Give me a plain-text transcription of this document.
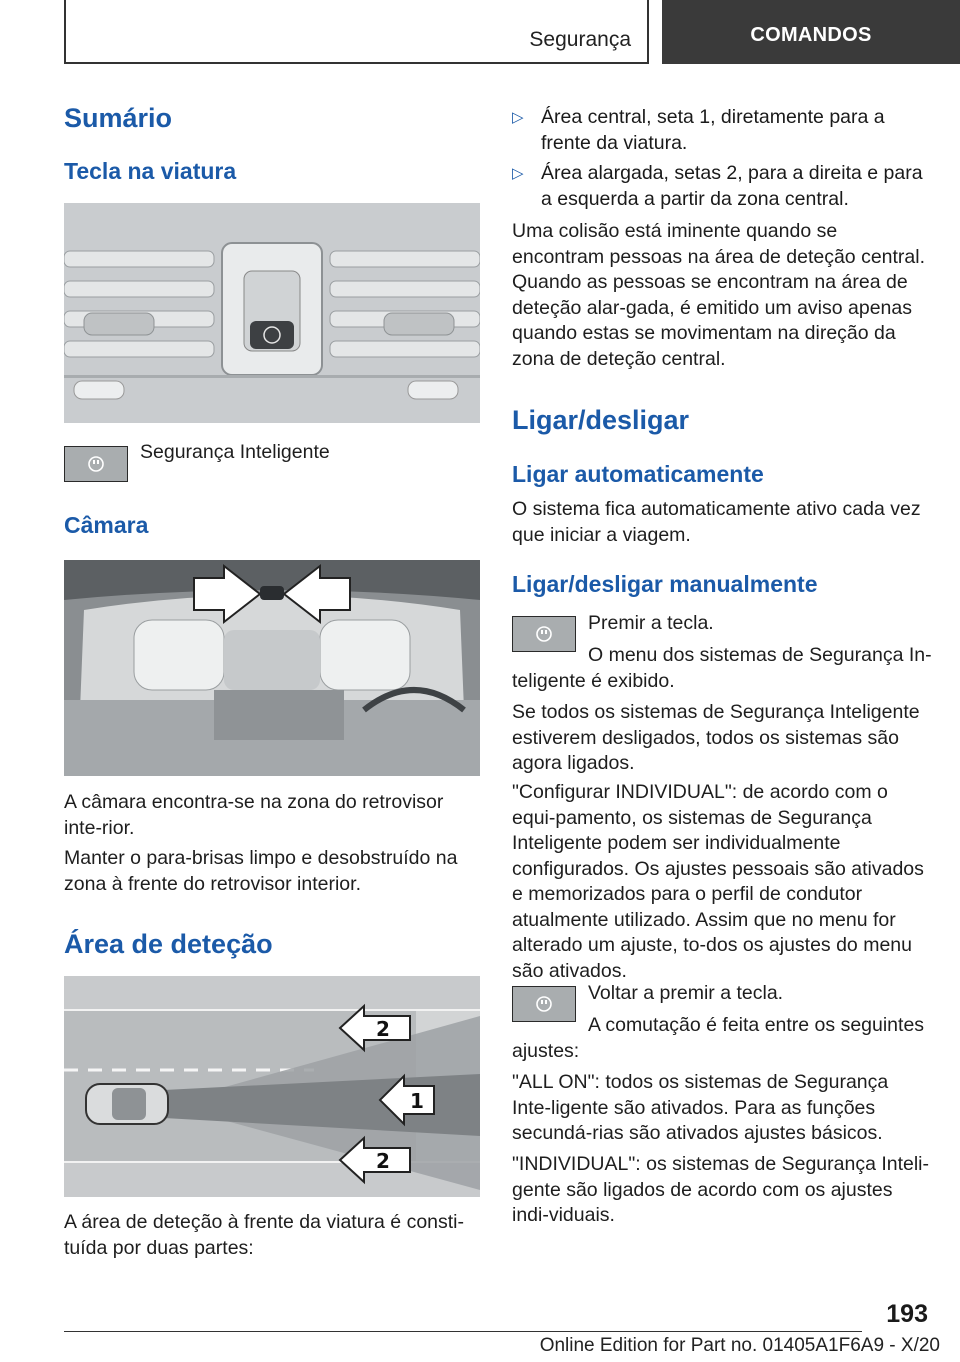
Segurança	COMANDOS
Sumário
Tecla na viatura

Segurança Inteligente

Câmara

A câmara encontra-se na zona do retrovisor inte-rior.

Manter o para-brisas limpo e desobstruído na zona à frente do retrovisor interior.

Área de deteção
2
1
2

A área de deteção à frente da viatura é consti-tuída por duas partes:

▷ Área central, seta 1, diretamente para a frente da viatura.
▷ Área alargada, setas 2, para a direita e para a esquerda a partir da zona central.

Uma colisão está iminente quando se encontram pessoas na área de deteção central. Quando as pessoas se encontram na área de deteção alar-gada, é emitido um aviso apenas quando estas se movimentam na direção da zona de deteção central.

Ligar/desligar
Ligar automaticamente

O sistema fica automaticamente ativo cada vez que iniciar a viagem.

Ligar/desligar manualmente

Premir a tecla.

O menu dos sistemas de Segurança In-

teligente é exibido.

Se todos os sistemas de Segurança Inteligente estiverem desligados, todos os sistemas são agora ligados.

"Configurar INDIVIDUAL": de acordo com o equi-pamento, os sistemas de Segurança Inteligente podem ser individualmente configurados. Os ajustes pessoais são ativados e memorizados para o perfil de condutor atualmente utilizado. Assim que no menu for alterado um ajuste, to-dos os ajustes do menu são ativados.

Voltar a premir a tecla.

A comutação é feita entre os seguintes

ajustes:

"ALL ON": todos os sistemas de Segurança Inte-ligente são ativados. Para as funções secundá-rias são ativados ajustes básicos.

"INDIVIDUAL": os sistemas de Segurança Inteli-gente são ligados de acordo com os ajustes indi-viduais.

193
Online Edition for Part no. 01405A1F6A9 - X/20
